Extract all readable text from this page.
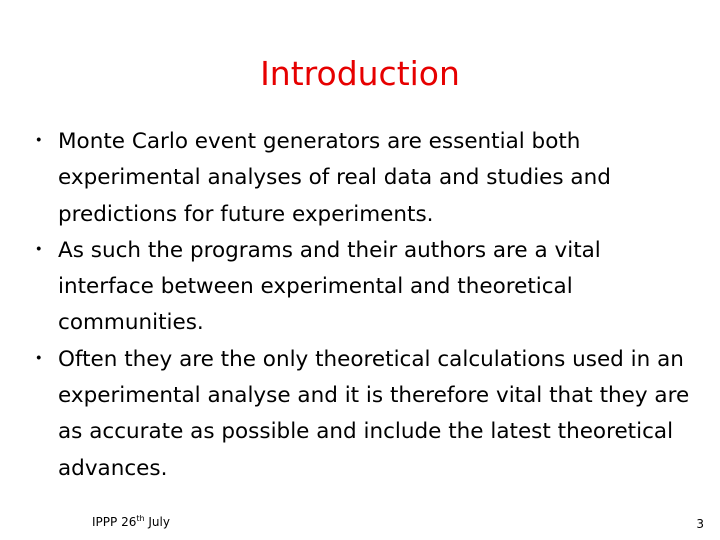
Introduction
・ Monte Carlo event generators are essential both experimental analyses of real data and studies and predictions for future experiments.
・ As such the programs and their authors are a vital interface between experimental and theoretical communities.
・ Often they are the only theoretical calculations used in an experimental analyse and it is therefore vital that they are as accurate as possible and include the latest theoretical advances.
IPPP 26th July	3
